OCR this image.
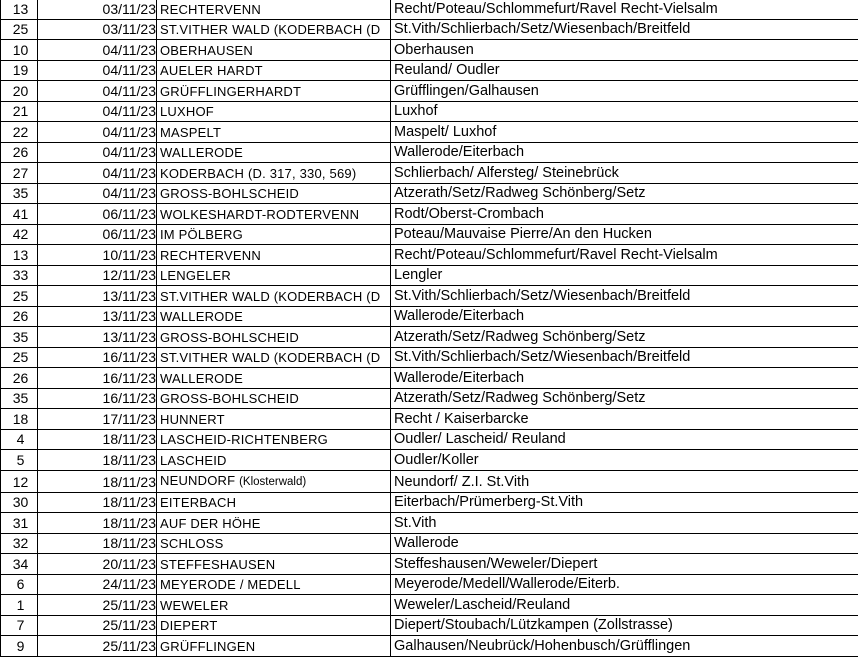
13	03/11/23	RECHTERVENN	Recht/Poteau/Schlommefurt/Ravel Recht-Vielsalm
25	03/11/23	ST.VITHER WALD (KODERBACH (D	St.Vith/Schlierbach/Setz/Wiesenbach/Breitfeld
10	04/11/23	OBERHAUSEN	Oberhausen
19	04/11/23	AUELER HARDT	Reuland/ Oudler
20	04/11/23	GRÜFFLINGERHARDT	Grüfflingen/Galhausen
21	04/11/23	LUXHOF	Luxhof
22	04/11/23	MASPELT	Maspelt/ Luxhof
26	04/11/23	WALLERODE	Wallerode/Eiterbach
27	04/11/23	KODERBACH (D. 317, 330, 569)	Schlierbach/ Alfersteg/ Steinebrück
35	04/11/23	GROSS-BOHLSCHEID	Atzerath/Setz/Radweg Schönberg/Setz
41	06/11/23	WOLKESHARDT-RODTERVENN	Rodt/Oberst-Crombach
42	06/11/23	IM PÖLBERG	Poteau/Mauvaise Pierre/An den Hucken
13	10/11/23	RECHTERVENN	Recht/Poteau/Schlommefurt/Ravel Recht-Vielsalm
33	12/11/23	LENGELER	Lengler
25	13/11/23	ST.VITHER WALD (KODERBACH (D	St.Vith/Schlierbach/Setz/Wiesenbach/Breitfeld
26	13/11/23	WALLERODE	Wallerode/Eiterbach
35	13/11/23	GROSS-BOHLSCHEID	Atzerath/Setz/Radweg Schönberg/Setz
25	16/11/23	ST.VITHER WALD (KODERBACH (D	St.Vith/Schlierbach/Setz/Wiesenbach/Breitfeld
26	16/11/23	WALLERODE	Wallerode/Eiterbach
35	16/11/23	GROSS-BOHLSCHEID	Atzerath/Setz/Radweg Schönberg/Setz
18	17/11/23	HUNNERT	Recht / Kaiserbarcke
4	18/11/23	LASCHEID-RICHTENBERG	Oudler/ Lascheid/ Reuland
5	18/11/23	LASCHEID	Oudler/Koller
12	18/11/23	NEUNDORF (Klosterwald)	Neundorf/ Z.I. St.Vith
30	18/11/23	EITERBACH	Eiterbach/Prümerberg-St.Vith
31	18/11/23	AUF DER HÖHE	St.Vith
32	18/11/23	SCHLOSS	Wallerode
34	20/11/23	STEFFESHAUSEN	Steffeshausen/Weweler/Diepert
6	24/11/23	MEYERODE / MEDELL	Meyerode/Medell/Wallerode/Eiterb.
1	25/11/23	WEWELER	Weweler/Lascheid/Reuland
7	25/11/23	DIEPERT	Diepert/Stoubach/Lützkampen (Zollstrasse)
9	25/11/23	GRÜFFLINGEN	Galhausen/Neubrück/Hohenbusch/Grüfflingen
